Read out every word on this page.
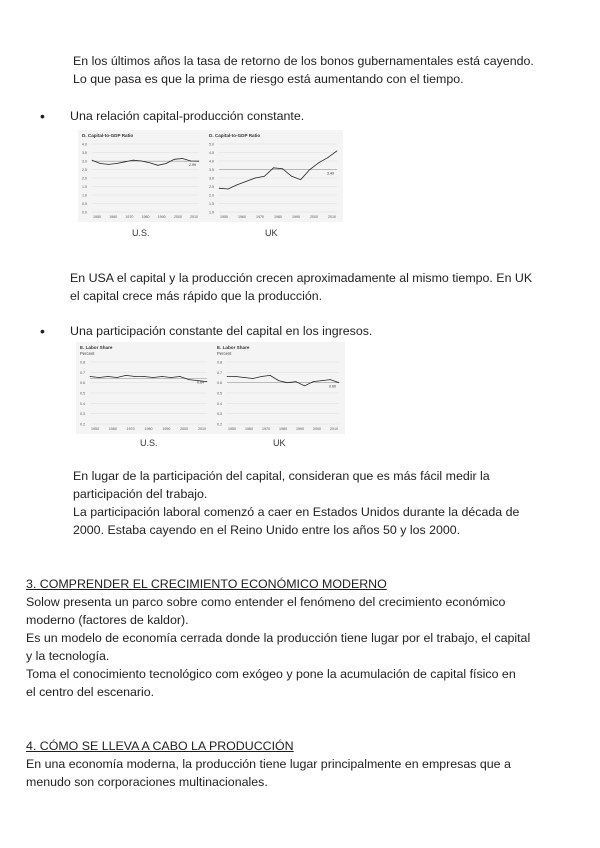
En los últimos años la tasa de retorno de los bonos gubernamentales está cayendo.

Lo que pasa es que la prima de riesgo está aumentando con el tiempo.

• Una relación capital-producción constante.
D. Capital-to-GDP Ratio
4.0
3.5
3.0
2.5
2.0
1.5
1.0
0.5
0.0
1950 1960 1970 1980 1990 2000 2010
2.99
D. Capital-to-GDP Ratio
5.0
4.5
4.0
3.5
3.0
2.5
2.0
1.5
1.0
1950	1960	1970	1980	1990	2000	2010
3.49
U.S.	UK

En USA el capital y la producción crecen aproximadamente al mismo tiempo. En UK

el capital crece más rápido que la producción.

• Una participación constante del capital en los ingresos.
E. Labor Share
Percent
0.8
0.7
0.6
0.5
0.4
0.3
0.2
1950	1960	1970	1980	1990	2000	2010
0.64
E. Labor Share
Percent
0.8
0.7
0.6
0.5
0.4
0.3
0.2
1950	1960	1970	1980	1990	2000	2010
0.60
U.S.	UK

En lugar de la participación del capital, consideran que es más fácil medir la

participación del trabajo.

La participación laboral comenzó a caer en Estados Unidos durante la década de

2000. Estaba cayendo en el Reino Unido entre los años 50 y los 2000.

3. COMPRENDER EL CRECIMIENTO ECONÓMICO MODERNO

Solow presenta un parco sobre como entender el fenómeno del crecimiento económico

moderno (factores de kaldor).

Es un modelo de economía cerrada donde la producción tiene lugar por el trabajo, el capital

y la tecnología.

Toma el conocimiento tecnológico com exógeo y pone la acumulación de capital físico en

el centro del escenario.

4. CÓMO SE LLEVA A CABO LA PRODUCCIÓN

En una economía moderna, la producción tiene lugar principalmente en empresas que a

menudo son corporaciones multinacionales.
